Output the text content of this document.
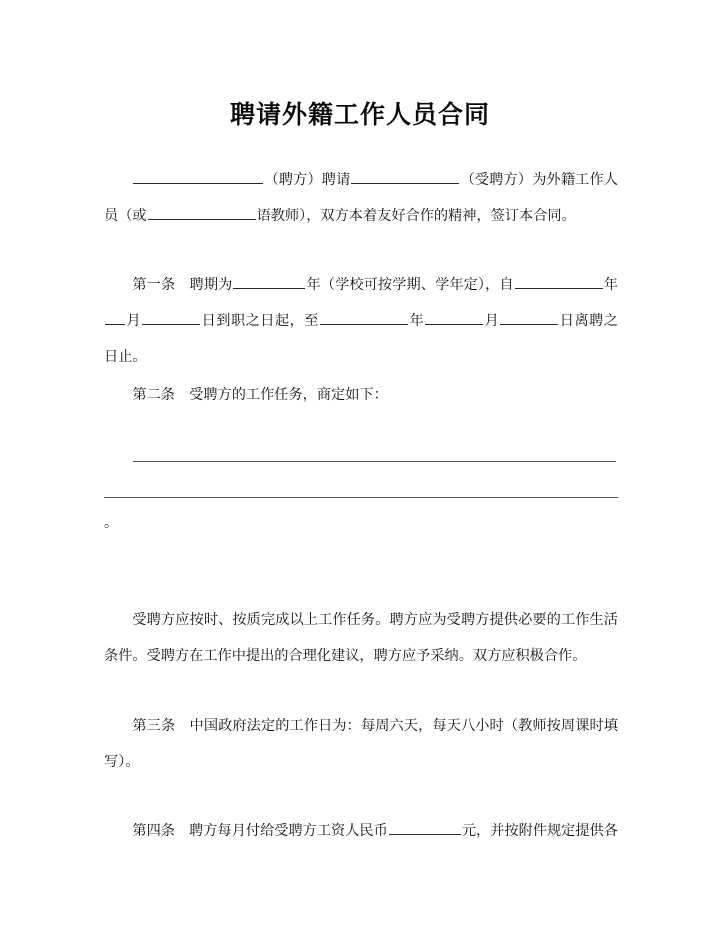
聘请外籍工作人员合同

（聘方）聘请	（受聘方）为外籍工作人员（或	语教师），双方本着友好合作的精神，签订本合同。

第一条　 聘期为	年（学校可按学期、学年定），自	年月	日到职之日起，至	年	月	日离聘之日止。

第二条　 受聘方的工作任务，商定如下：

。

受聘方应按时、按质完成以上工作任务。聘方应为受聘方提供必要的工作生活条件。受聘方在工作中提出的合理化建议，聘方应予采纳。双方应积极合作。

第三条　 中国政府法定的工作日为：每周六天，每天八小时（教师按周课时填写）。

第四条　 聘方每月付给受聘方工资人民币	元，并按附件规定提供各
